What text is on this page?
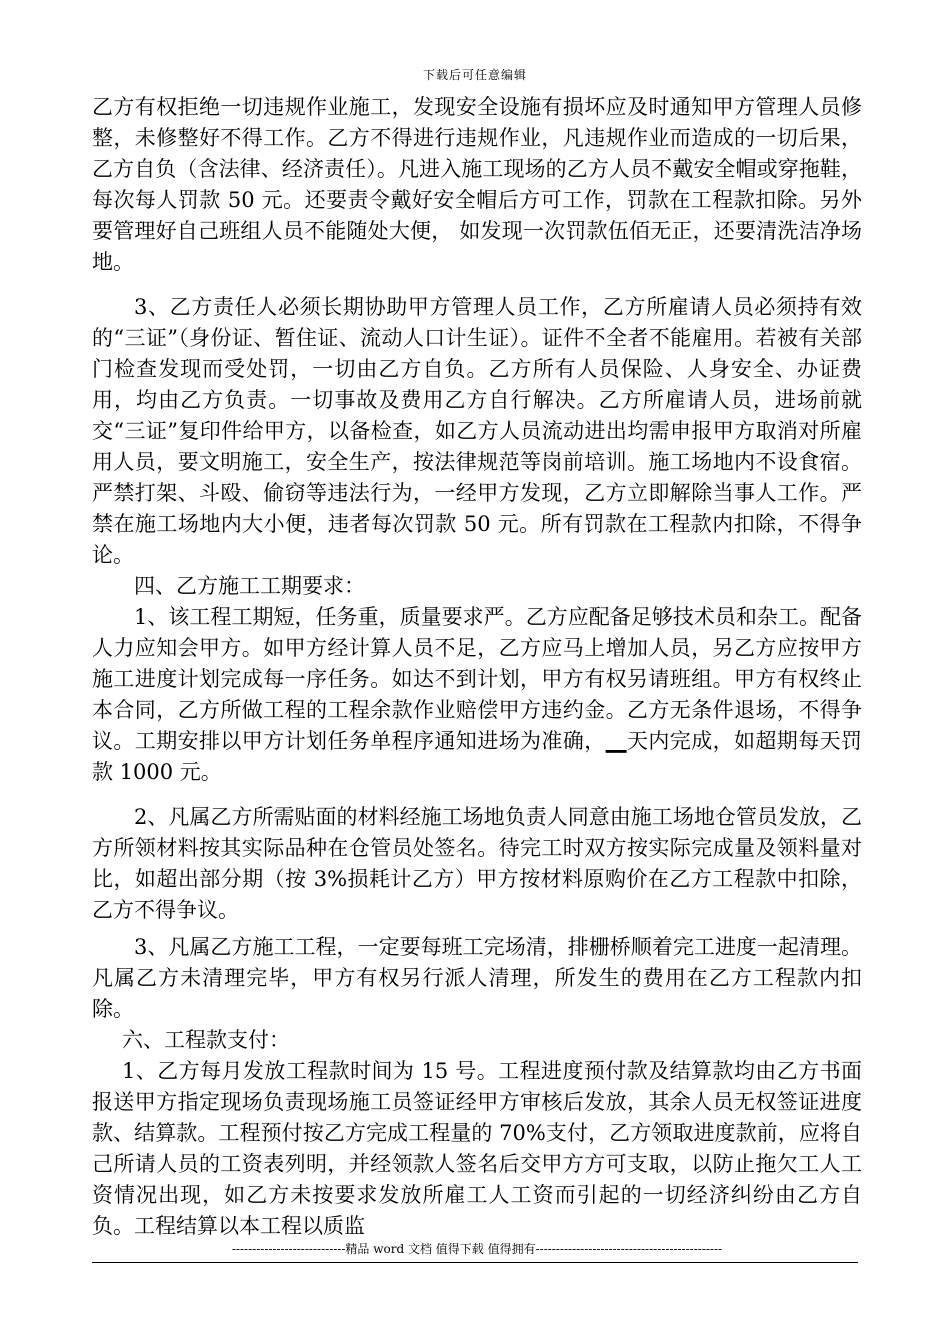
下载后可任意编辑

乙方有权拒绝一切违规作业施工，发现安全设施有损坏应及时通知甲方管理人员修整，未修整好不得工作。乙方不得进行违规作业，凡违规作业而造成的一切后果，乙方自负（含法律、经济责任）。凡进入施工现场的乙方人员不戴安全帽或穿拖鞋，每次每人罚款 50 元。还要责令戴好安全帽后方可工作，罚款在工程款扣除。另外要管理好自己班组人员不能随处大便， 如发现一次罚款伍佰无正，还要清洗洁净场地。

3、乙方责任人必须长期协助甲方管理人员工作，乙方所雇请人员必须持有效的“三证”（身份证、暂住证、流动人口计生证）。证件不全者不能雇用。若被有关部门检查发现而受处罚，一切由乙方自负。乙方所有人员保险、人身安全、办证费用，均由乙方负责。一切事故及费用乙方自行解决。乙方所雇请人员，进场前就交“三证”复印件给甲方，以备检查，如乙方人员流动进出均需申报甲方取消对所雇用人员，要文明施工，安全生产，按法律规范等岗前培训。施工场地内不设食宿。严禁打架、斗殴、偷窃等违法行为，一经甲方发现，乙方立即解除当事人工作。严禁在施工场地内大小便，违者每次罚款 50 元。所有罚款在工程款内扣除，不得争论。

四、乙方施工工期要求：

1、该工程工期短，任务重，质量要求严。乙方应配备足够技术员和杂工。配备人力应知会甲方。如甲方经计算人员不足，乙方应马上增加人员，另乙方应按甲方施工进度计划完成每一序任务。如达不到计划，甲方有权另请班组。甲方有权终止本合同，乙方所做工程的工程余款作业赔偿甲方违约金。乙方无条件退场，不得争议。工期安排以甲方计划任务单程序通知进场为准确，__天内完成，如超期每天罚款 1000 元。

2、凡属乙方所需贴面的材料经施工场地负责人同意由施工场地仓管员发放，乙方所领材料按其实际品种在仓管员处签名。待完工时双方按实际完成量及领料量对比，如超出部分期（按 3%损耗计乙方）甲方按材料原购价在乙方工程款中扣除，乙方不得争议。

3、凡属乙方施工工程，一定要每班工完场清，排栅桥顺着完工进度一起清理。凡属乙方未清理完毕，甲方有权另行派人清理，所发生的费用在乙方工程款内扣除。

六、工程款支付：

1、乙方每月发放工程款时间为 15 号。工程进度预付款及结算款均由乙方书面报送甲方指定现场负责现场施工员签证经甲方审核后发放，其余人员无权签证进度款、结算款。工程预付按乙方完成工程量的 70%支付，乙方领取进度款前，应将自己所请人员的工资表列明，并经领款人签名后交甲方方可支取，以防止拖欠工人工资情况出现，如乙方未按要求发放所雇工人工资而引起的一切经济纠纷由乙方自负。工程结算以本工程以质监

----------------------------精品 word 文档 值得下载 值得拥有----------------------------------------------
